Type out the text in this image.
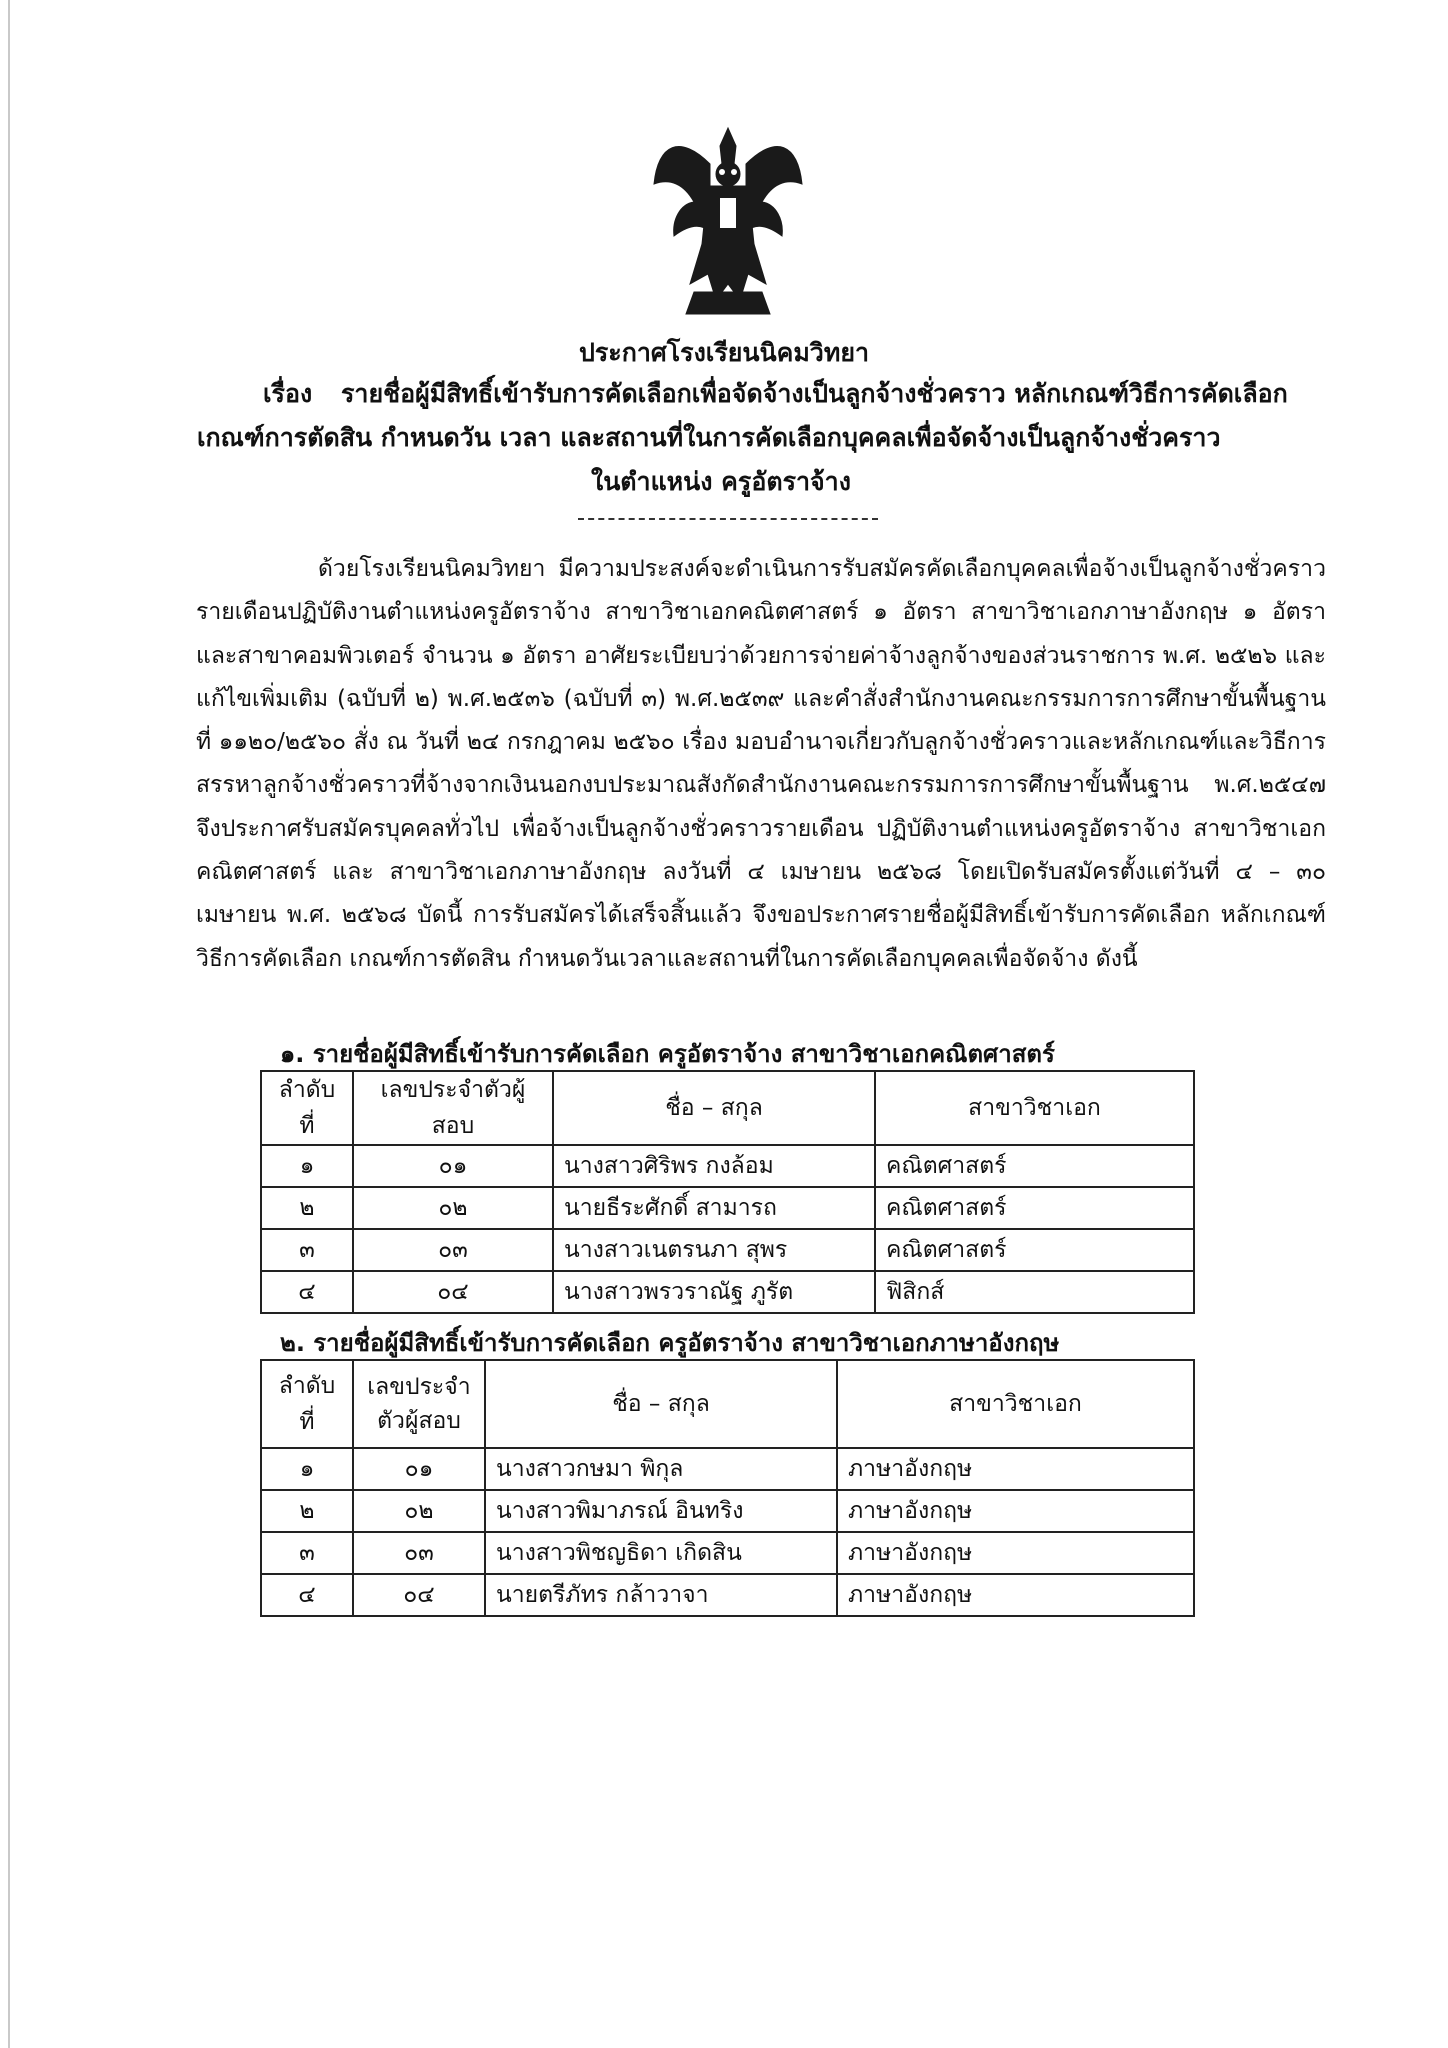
ประกาศโรงเรียนนิคมวิทยา
เรื่อง รายชื่อผู้มีสิทธิ์เข้ารับการคัดเลือกเพื่อจัดจ้างเป็นลูกจ้างชั่วคราว หลักเกณฑ์วิธีการคัดเลือก
เกณฑ์การตัดสิน กำหนดวัน เวลา และสถานที่ในการคัดเลือกบุคคลเพื่อจัดจ้างเป็นลูกจ้างชั่วคราว
ในตำแหน่ง ครูอัตราจ้าง
ด้วยโรงเรียนนิคมวิทยา มีความประสงค์จะดำเนินการรับสมัครคัดเลือกบุคคลเพื่อจ้างเป็นลูกจ้างชั่วคราวรายเดือนปฏิบัติงานตำแหน่งครูอัตราจ้าง สาขาวิชาเอกคณิตศาสตร์ ๑ อัตรา สาขาวิชาเอกภาษาอังกฤษ ๑ อัตรา และสาขาคอมพิวเตอร์ จำนวน ๑ อัตรา อาศัยระเบียบว่าด้วยการจ่ายค่าจ้างลูกจ้างของส่วนราชการ พ.ศ. ๒๕๒๖ และแก้ไขเพิ่มเติม (ฉบับที่ ๒) พ.ศ.๒๕๓๖ (ฉบับที่ ๓) พ.ศ.๒๕๓๙ และคำสั่งสำนักงานคณะกรรมการการศึกษาขั้นพื้นฐาน ที่ ๑๑๒๐/๒๕๖๐ สั่ง ณ วันที่ ๒๔ กรกฎาคม ๒๕๖๐ เรื่อง มอบอำนาจเกี่ยวกับลูกจ้างชั่วคราวและหลักเกณฑ์และวิธีการสรรหาลูกจ้างชั่วคราวที่จ้างจากเงินนอกงบประมาณสังกัดสำนักงานคณะกรรมการการศึกษาขั้นพื้นฐาน พ.ศ.๒๕๔๗ จึงประกาศรับสมัครบุคคลทั่วไป เพื่อจ้างเป็นลูกจ้างชั่วคราวรายเดือน ปฏิบัติงานตำแหน่งครูอัตราจ้าง สาขาวิชาเอกคณิตศาสตร์ และ สาขาวิชาเอกภาษาอังกฤษ ลงวันที่ ๔ เมษายน ๒๕๖๘ โดยเปิดรับสมัครตั้งแต่วันที่ ๔ – ๓๐ เมษายน พ.ศ. ๒๕๖๘ บัดนี้ การรับสมัครได้เสร็จสิ้นแล้ว จึงขอประกาศรายชื่อผู้มีสิทธิ์เข้ารับการคัดเลือก หลักเกณฑ์วิธีการคัดเลือก เกณฑ์การตัดสิน กำหนดวันเวลาและสถานที่ในการคัดเลือกบุคคลเพื่อจัดจ้าง ดังนี้
๑. รายชื่อผู้มีสิทธิ์เข้ารับการคัดเลือก ครูอัตราจ้าง สาขาวิชาเอกคณิตศาสตร์
ลำดับที่	เลขประจำตัวผู้สอบ	ชื่อ – สกุล	สาขาวิชาเอก
๑	๐๑	นางสาวศิริพร กงล้อม	คณิตศาสตร์
๒	๐๒	นายธีระศักดิ์ สามารถ	คณิตศาสตร์
๓	๐๓	นางสาวเนตรนภา สุพร	คณิตศาสตร์
๔	๐๔	นางสาวพรวราณัฐ ภูรัต	ฟิสิกส์
๒. รายชื่อผู้มีสิทธิ์เข้ารับการคัดเลือก ครูอัตราจ้าง สาขาวิชาเอกภาษาอังกฤษ
ลำดับที่	เลขประจำตัวผู้สอบ	ชื่อ – สกุล	สาขาวิชาเอก
๑	๐๑	นางสาวกษมา พิกุล	ภาษาอังกฤษ
๒	๐๒	นางสาวพิมาภรณ์ อินทริง	ภาษาอังกฤษ
๓	๐๓	นางสาวพิชญธิดา เกิดสิน	ภาษาอังกฤษ
๔	๐๔	นายตรีภัทร กล้าวาจา	ภาษาอังกฤษ
